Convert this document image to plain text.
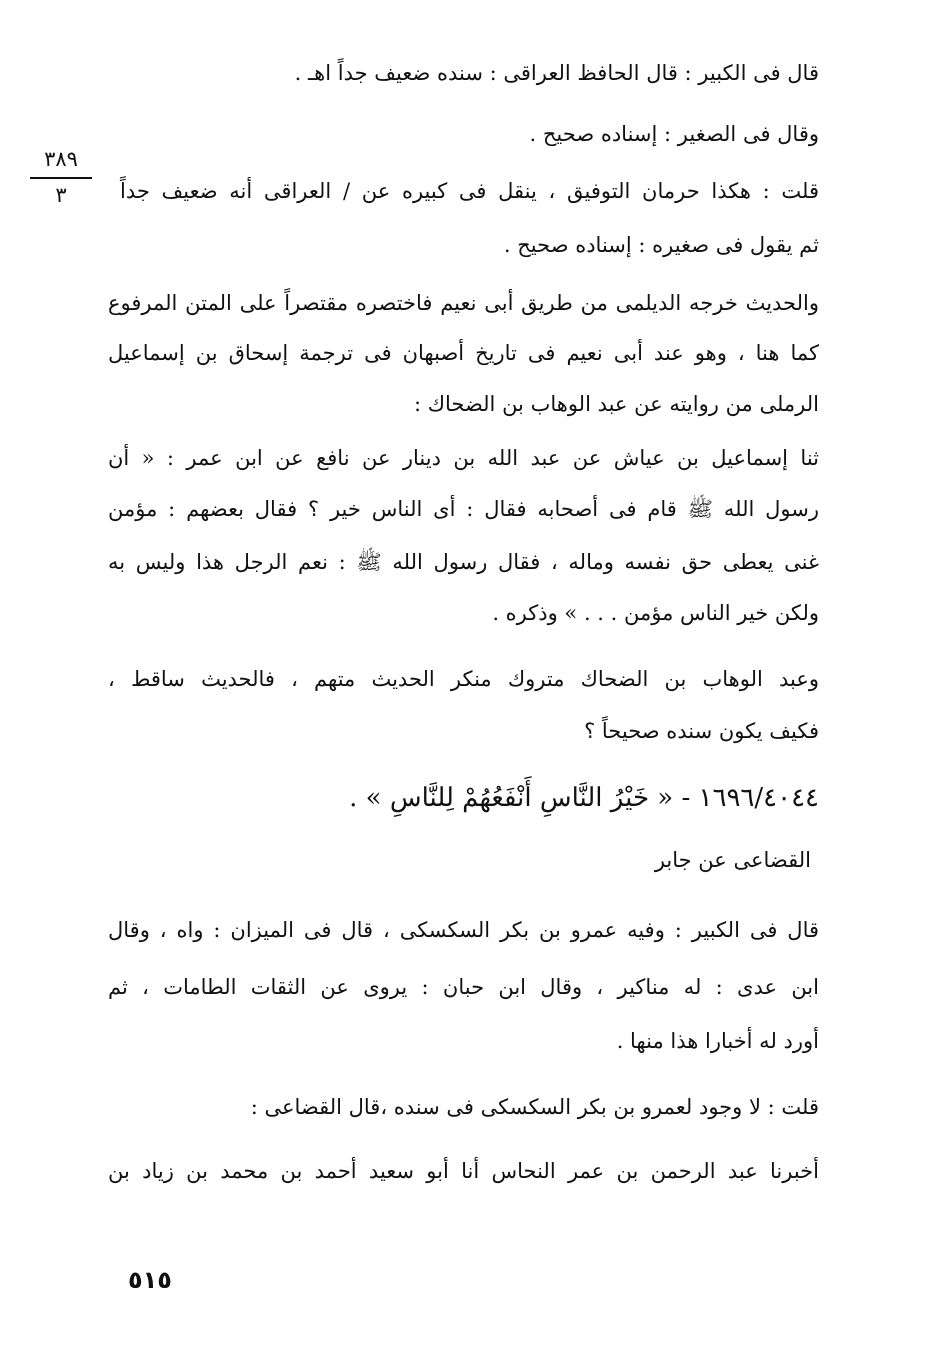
٣٨٩
٣
قال فى الكبير : قال الحافظ العراقى : سنده ضعيف جداً اهـ .
وقال فى الصغير : إسناده صحيح .
قلت : هكذا حرمان التوفيق ، ينقل فى كبيره عن / العراقى أنه ضعيف جداً
ثم يقول فى صغيره : إسناده صحيح .
والحديث خرجه الديلمى من طريق أبى نعيم فاختصره مقتصراً على المتن المرفوع
كما هنا ، وهو عند أبى نعيم فى تاريخ أصبهان فى ترجمة إسحاق بن إسماعيل
الرملى من روايته عن عبد الوهاب بن الضحاك :
ثنا إسماعيل بن عياش عن عبد الله بن دينار عن نافع عن ابن عمر : « أن
رسول الله ﷺ قام فى أصحابه فقال : أى الناس خير ؟ فقال بعضهم : مؤمن
غنى يعطى حق نفسه وماله ، فقال رسول الله ﷺ : نعم الرجل هذا وليس به
ولكن خير الناس مؤمن . . . » وذكره .
وعبد الوهاب بن الضحاك متروك منكر الحديث متهم ، فالحديث ساقط ،
فكيف يكون سنده صحيحاً ؟
١٦٩٦/٤٠٤٤ - « خَيْرُ النَّاسِ أَنْفَعُهُمْ لِلنَّاسِ » .
القضاعى عن جابر
قال فى الكبير : وفيه عمرو بن بكر السكسكى ، قال فى الميزان : واه ، وقال
ابن عدى : له مناكير ، وقال ابن حبان : يروى عن الثقات الطامات ، ثم
أورد له أخبارا هذا منها .
قلت : لا وجود لعمرو بن بكر السكسكى فى سنده ،قال القضاعى :
أخبرنا عبد الرحمن بن عمر النحاس أنا أبو سعيد أحمد بن محمد بن زياد بن
٥١٥
